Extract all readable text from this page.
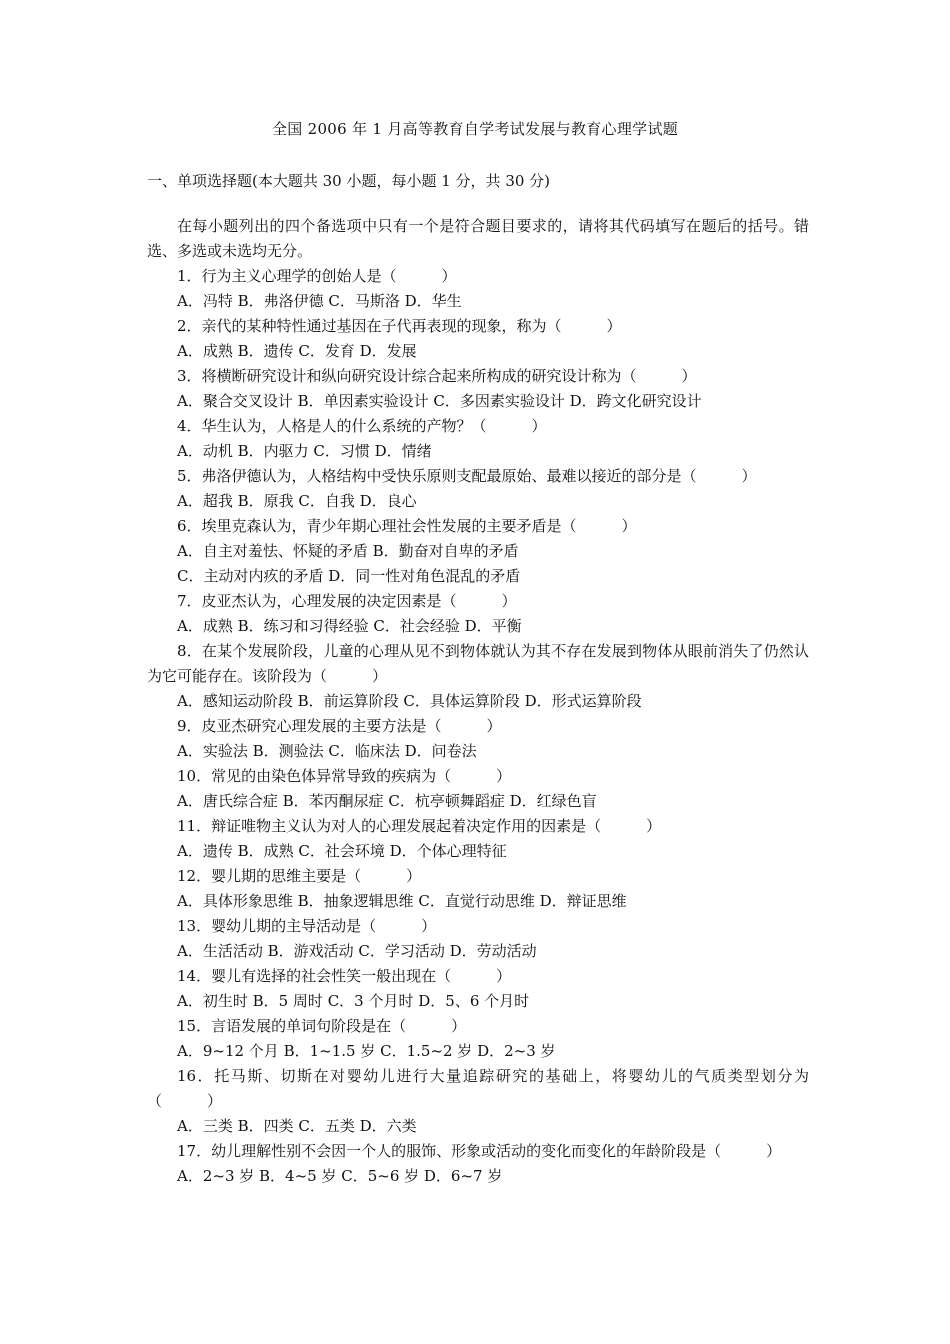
全国 2006 年 1 月高等教育自学考试发展与教育心理学试题
一、单项选择题(本大题共 30 小题，每小题 1 分，共 30 分)

在每小题列出的四个备选项中只有一个是符合题目要求的，请将其代码填写在题后的括号。错选、多选或未选均无分。

1．行为主义心理学的创始人是（　　　）

A．冯特 B．弗洛伊德 C．马斯洛 D．华生

2．亲代的某种特性通过基因在子代再表现的现象，称为（　　　）

A．成熟 B．遗传 C．发育 D．发展

3．将横断研究设计和纵向研究设计综合起来所构成的研究设计称为（　　　）

A．聚合交叉设计 B．单因素实验设计 C．多因素实验设计 D．跨文化研究设计

4．华生认为，人格是人的什么系统的产物？（　　　）

A．动机 B．内驱力 C．习惯 D．情绪

5．弗洛伊德认为，人格结构中受快乐原则支配最原始、最难以接近的部分是（　　　）

A．超我 B．原我 C．自我 D．良心

6．埃里克森认为，青少年期心理社会性发展的主要矛盾是（　　　）

A．自主对羞怯、怀疑的矛盾 B．勤奋对自卑的矛盾

C．主动对内疚的矛盾 D．同一性对角色混乱的矛盾

7．皮亚杰认为，心理发展的决定因素是（　　　）

A．成熟 B．练习和习得经验 C．社会经验 D．平衡

8．在某个发展阶段，儿童的心理从见不到物体就认为其不存在发展到物体从眼前消失了仍然认为它可能存在。该阶段为（　　　）

A．感知运动阶段 B．前运算阶段 C．具体运算阶段 D．形式运算阶段

9．皮亚杰研究心理发展的主要方法是（　　　）

A．实验法 B．测验法 C．临床法 D．问卷法

10．常见的由染色体异常导致的疾病为（　　　）

A．唐氏综合症 B．苯丙酮尿症 C．杭亭顿舞蹈症 D．红绿色盲

11．辩证唯物主义认为对人的心理发展起着决定作用的因素是（　　　）

A．遗传 B．成熟 C．社会环境 D．个体心理特征

12．婴儿期的思维主要是（　　　）

A．具体形象思维 B．抽象逻辑思维 C．直觉行动思维 D．辩证思维

13．婴幼儿期的主导活动是（　　　）

A．生活活动 B．游戏活动 C．学习活动 D．劳动活动

14．婴儿有选择的社会性笑一般出现在（　　　）

A．初生时 B．5 周时 C．3 个月时 D．5、6 个月时

15．言语发展的单词句阶段是在（　　　）

A．9~12 个月 B．1~1.5 岁 C．1.5~2 岁 D．2~3 岁

16．托马斯、切斯在对婴幼儿进行大量追踪研究的基础上，将婴幼儿的气质类型划分为（　　　）

A．三类 B．四类 C．五类 D．六类

17．幼儿理解性别不会因一个人的服饰、形象或活动的变化而变化的年龄阶段是（　　　）

A．2~3 岁 B．4~5 岁 C．5~6 岁 D．6~7 岁
